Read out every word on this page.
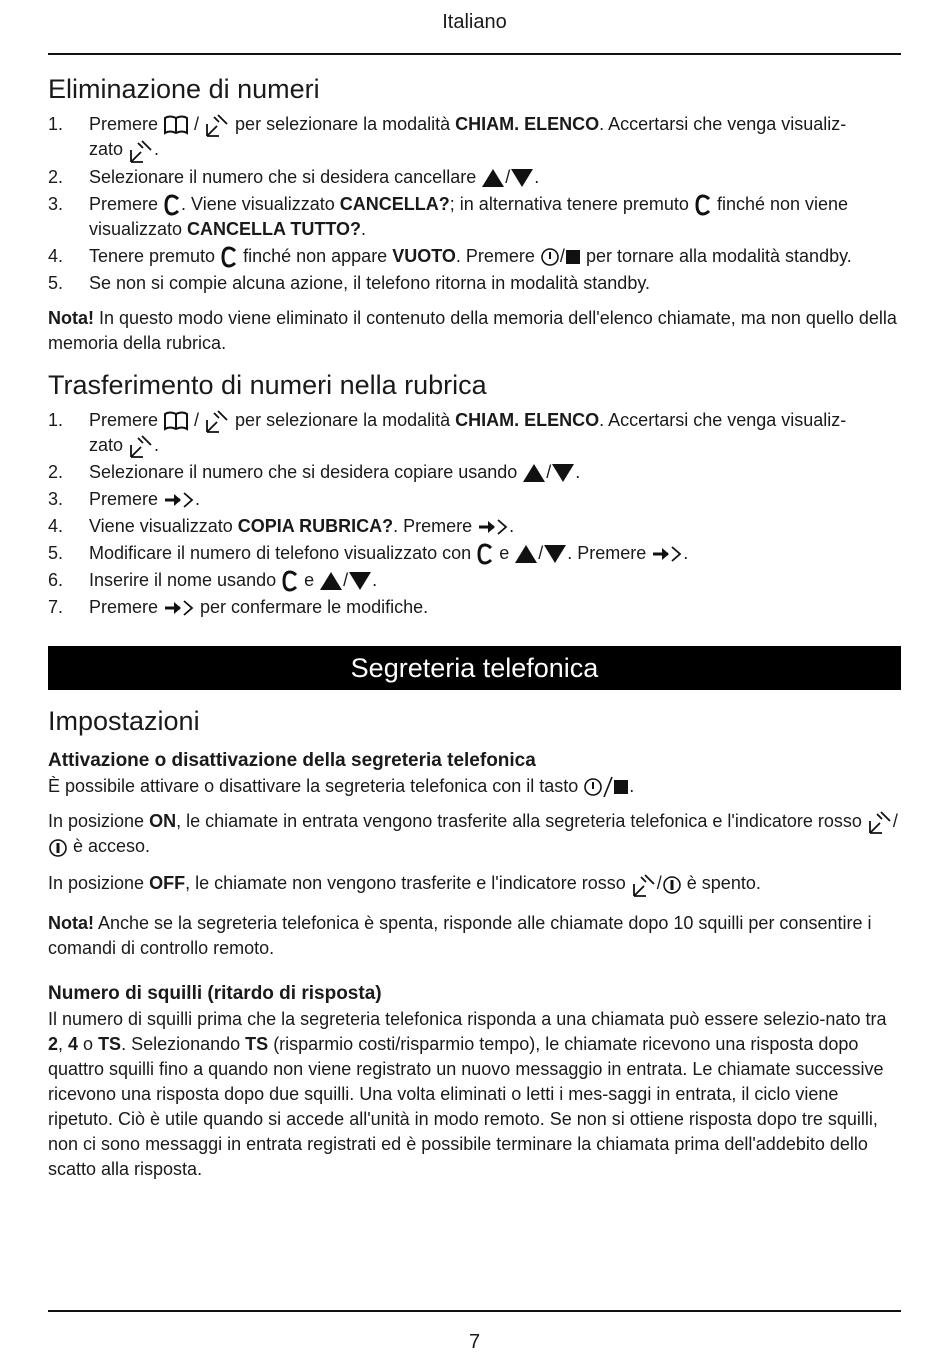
Italiano
Eliminazione di numeri
1. Premere
/
per selezionare la modalità CHIAM. ELENCO. Accertarsi che venga visualiz-
zato
.
2. Selezionare il numero che si desidera cancellare
/ .
3. Premere
. Viene visualizzato CANCELLA?; in alternativa tenere premuto
finché non viene visualizzato CANCELLA TUTTO?.
4. Tenere premuto
finché non appare VUOTO. Premere
/
per tornare alla modalità standby.
5. Se non si compie alcuna azione, il telefono ritorna in modalità standby.

Nota! In questo modo viene eliminato il contenuto della memoria dell'elenco chiamate, ma non quello della memoria della rubrica.

Trasferimento di numeri nella rubrica
1. Premere
/
per selezionare la modalità CHIAM. ELENCO. Accertarsi che venga visualiz-
zato
.
2. Selezionare il numero che si desidera copiare usando
/ .
3. Premere
.
4. Viene visualizzato COPIA RUBRICA?. Premere
.
5. Modificare il numero di telefono visualizzato con
e
/ . Premere
.
6. Inserire il nome usando
e
/ .
7. Premere
per confermare le modifiche.
Segreteria telefonica
Impostazioni
Attivazione o disattivazione della segreteria telefonica

È possibile attivare o disattivare la segreteria telefonica con il tasto	.

In posizione ON, le chiamate in entrata vengono trasferite alla segreteria telefonica e l'indicatore rosso
/
è acceso.

In posizione OFF, le chiamate non vengono trasferite e l'indicatore rosso
/
è spento.

Nota! Anche se la segreteria telefonica è spenta, risponde alle chiamate dopo 10 squilli per consentire i comandi di controllo remoto.

Numero di squilli (ritardo di risposta)

Il numero di squilli prima che la segreteria telefonica risponda a una chiamata può essere selezio-nato tra 2, 4 o TS. Selezionando TS (risparmio costi/risparmio tempo), le chiamate ricevono una risposta dopo quattro squilli fino a quando non viene registrato un nuovo messaggio in entrata. Le chiamate successive ricevono una risposta dopo due squilli. Una volta eliminati o letti i mes-saggi in entrata, il ciclo viene ripetuto. Ciò è utile quando si accede all'unità in modo remoto. Se non si ottiene risposta dopo tre squilli, non ci sono messaggi in entrata registrati ed è possibile terminare la chiamata prima dell'addebito dello scatto alla risposta.

7
